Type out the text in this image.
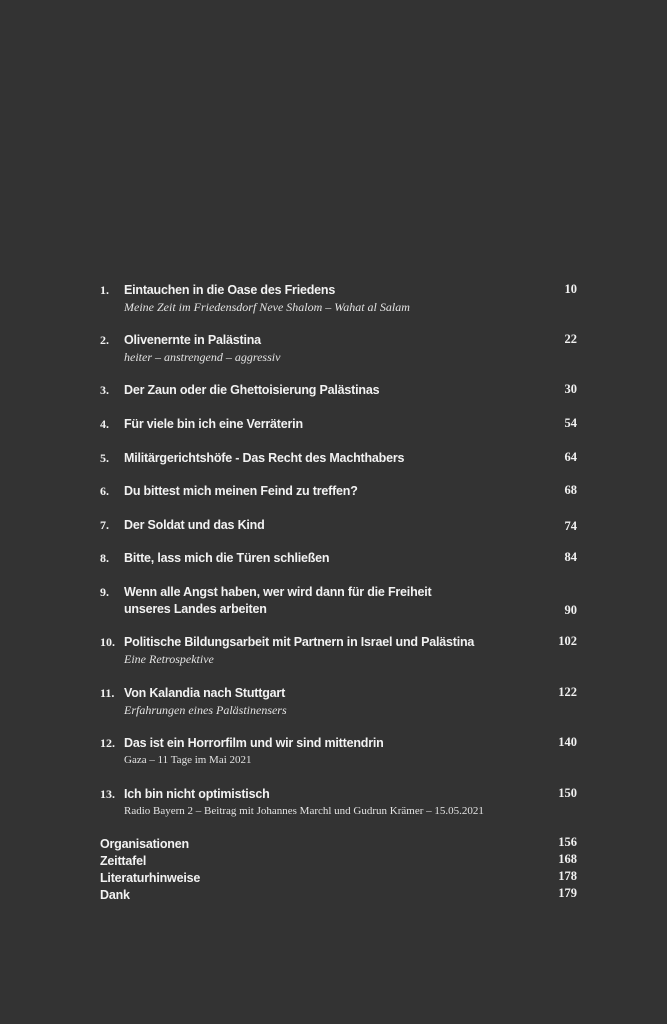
1.	Eintauchen in die Oase des Friedens
Meine Zeit im Friedensdorf Neve Shalom – Wahat al Salam
10
2.	Olivenernte in Palästina
heiter – anstrengend – aggressiv
22
3.	Der Zaun oder die Ghettoisierung Palästinas	30
4.	Für viele bin ich eine Verräterin	54
5.	Militärgerichtshöfe - Das Recht des Machthabers	64
6.	Du bittest mich meinen Feind zu treffen?	68
7.	Der Soldat und das Kind	74
8.	Bitte, lass mich die Türen schließen	84
9.	Wenn alle Angst haben, wer wird dann für die Freiheit
unseres Landes arbeiten	90
10. Politische Bildungsarbeit mit Partnern in Israel und Palästina
Eine Retrospektive
102
11. Von Kalandia nach Stuttgart
Erfahrungen eines Palästinensers
122
12. Das ist ein Horrorfilm und wir sind mittendrin
Gaza – 11 Tage im Mai 2021
140
13. Ich bin nicht optimistisch
Radio Bayern 2 – Beitrag mit Johannes Marchl und Gudrun Krämer – 15.05.2021
150
Organisationen	156
Zeittafel	168
Literaturhinweise	178
Dank	179
